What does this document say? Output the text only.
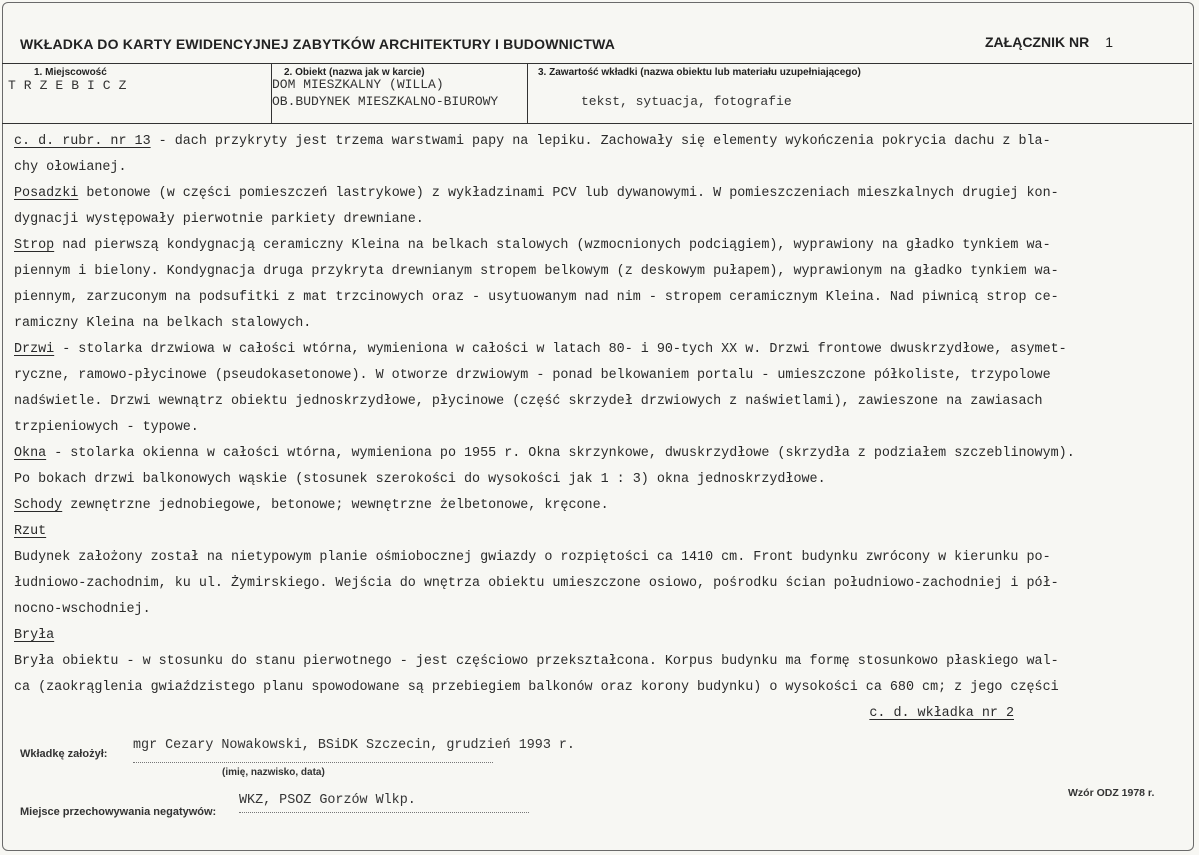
WKŁADKA DO KARTY EWIDENCYJNEJ ZABYTKÓW ARCHITEKTURY I BUDOWNICTWA	ZAŁĄCZNIK NR 1
1. Miejscowość
TRZEBICZ
2. Obiekt (nazwa jak w karcie)
DOM MIESZKALNY (WILLA)
OB.BUDYNEK MIESZKALNO-BIUROWY
3. Zawartość wkładki (nazwa obiektu lub materiału uzupełniającego)
tekst, sytuacja, fotografie
c. d. rubr. nr 13 - dach przykryty jest trzema warstwami papy na lepiku. Zachowały się elementy wykończenia pokrycia dachu z bla-
chy ołowianej.
Posadzki betonowe (w części pomieszczeń lastrykowe) z wykładzinami PCV lub dywanowymi. W pomieszczeniach mieszkalnych drugiej kon-
dygnacji występowały pierwotnie parkiety drewniane.
Strop nad pierwszą kondygnacją ceramiczny Kleina na belkach stalowych (wzmocnionych podciągiem), wyprawiony na gładko tynkiem wa-
piennym i bielony. Kondygnacja druga przykryta drewnianym stropem belkowym (z deskowym pułapem), wyprawionym na gładko tynkiem wa-
piennym, zarzuconym na podsufitki z mat trzcinowych oraz - usytuowanym nad nim - stropem ceramicznym Kleina. Nad piwnicą strop ce-
ramiczny Kleina na belkach stalowych.
Drzwi - stolarka drzwiowa w całości wtórna, wymieniona w całości w latach 80- i 90-tych XX w. Drzwi frontowe dwuskrzydłowe, asymet-
ryczne, ramowo-płycinowe (pseudokasetonowe). W otworze drzwiowym - ponad belkowaniem portalu - umieszczone półkoliste, trzypolowe
nadświetle. Drzwi wewnątrz obiektu jednoskrzydłowe, płycinowe (część skrzydeł drzwiowych z naświetlami), zawieszone na zawiasach
trzpieniowych - typowe.
Okna - stolarka okienna w całości wtórna, wymieniona po 1955 r. Okna skrzynkowe, dwuskrzydłowe (skrzydła z podziałem szczeblinowym).
Po bokach drzwi balkonowych wąskie (stosunek szerokości do wysokości jak 1 : 3) okna jednoskrzydłowe.
Schody zewnętrzne jednobiegowe, betonowe; wewnętrzne żelbetonowe, kręcone.
Rzut
Budynek założony został na nietypowym planie ośmiobocznej gwiazdy o rozpiętości ca 1410 cm. Front budynku zwrócony w kierunku po-
łudniowo-zachodnim, ku ul. Żymirskiego. Wejścia do wnętrza obiektu umieszczone osiowo, pośrodku ścian południowo-zachodniej i pół-
nocno-wschodniej.
Bryła
Bryła obiektu - w stosunku do stanu pierwotnego - jest częściowo przekształcona. Korpus budynku ma formę stosunkowo płaskiego wal-
ca (zaokrąglenia gwiaździstego planu spowodowane są przebiegiem balkonów oraz korony budynku) o wysokości ca 680 cm; z jego części
c. d. wkładka nr 2
Wkładkę założył:
mgr Cezary Nowakowski, BSiDK Szczecin, grudzień 1993 r.
(imię, nazwisko, data)
Miejsce przechowywania negatywów:
WKZ, PSOZ Gorzów Wlkp.	Wzór ODZ 1978 r.
